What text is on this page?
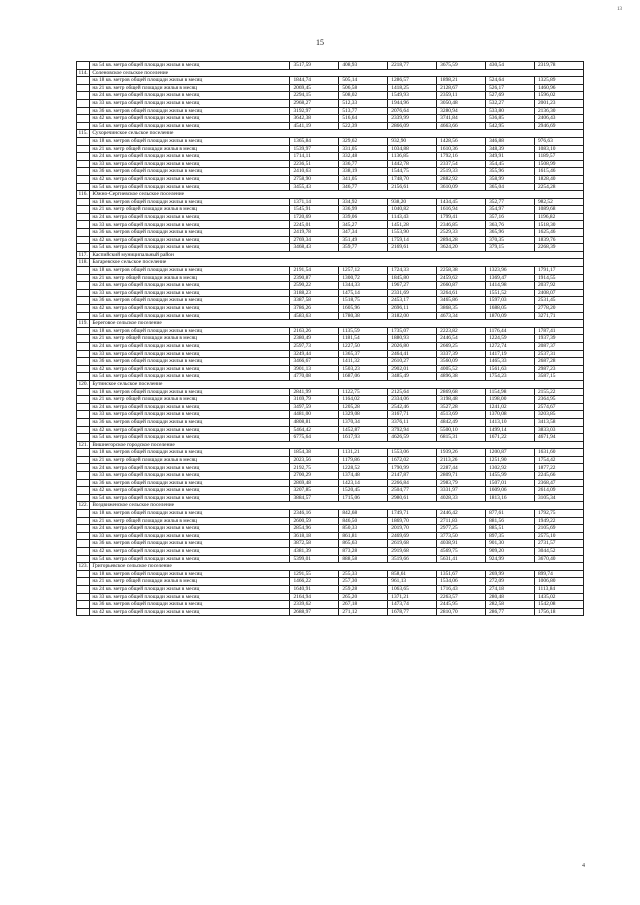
13
15
	на 54 кв. метра общей площади жилья в месяц	3517,59	408,93	2218,77	3675,59	430,54	2319,78
114.	Соленовское сельское поселение						
	на 18 кв. метров общей площади жилья в месяц	1844,74	505,14	1286,57	1898,21	524,64	1325,89
	на 21 кв. метр общей площади жилья в месяц	2069,45	506,58	1418,25	2128,67	526,17	1460,96
	на 24 кв. метра общей площади жилья в месяц	2294,15	508,02	1549,93	2359,11	527,69	1596,02
	на 33 кв. метра общей площади жилья в месяц	2968,27	512,33	1944,96	3050,48	532,27	2001,23
	на 36 кв. метров общей площади жилья в месяц	3192,97	513,77	2076,64	3280,94	533,80	2136,30
	на 42 кв. метра общей площади жилья в месяц	3642,38	516,64	2339,99	3741,84	536,85	2406,43
	на 54 кв. метра общей площади жилья в месяц	4541,19	522,39	2866,09	4663,66	542,95	2946,69
115.	Сухоречинское сельское поселение						
	на 18 кв. метров общей площади жилья в месяц	1365,84	329,62	932,90	1428,56	346,88	976,63
	на 21 кв. метр общей площади жилья в месяц	1539,97	331,05	1034,88	1610,36	348,39	1083,10
	на 24 кв. метра общей площади жилья в месяц	1714,11	332,48	1136,85	1792,16	349,91	1189,57
	на 33 кв. метра общей площади жилья в месяц	2236,51	336,77	1442,78	2337,54	354,45	1508,99
	на 36 кв. метров общей площади жилья в месяц	2410,63	338,19	1544,75	2519,33	355,96	1615,46
	на 42 кв. метра общей площади жилья в месяц	2758,90	341,05	1748,70	2882,92	358,99	1828,40
	на 54 кв. метра общей площади жилья в месяц	3455,43	346,77	2156,61	3610,09	365,04	2254,28
116.	Южно-Сергиевское сельское поселение						
	на 18 кв. метров общей площади жилья в месяц	1371,14	334,92	938,20	1434,45	352,77	982,52
	на 21 кв. метр общей площади жилья в месяц	1545,91	336,99	1040,82	1616,94	354,97	1089,68
	на 24 кв. метра общей площади жилья в месяц	1720,69	339,06	1143,43	1799,41	357,16	1196,82
	на 33 кв. метра общей площади жилья в месяц	2245,01	345,27	1451,28	2346,85	363,76	1518,30
	на 36 кв. метров общей площади жилья в месяц	2419,78	347,34	1553,90	2529,33	365,96	1625,46
	на 42 кв. метра общей площади жилья в месяц	2769,34	351,49	1759,14	2894,28	370,35	1839,76
	на 54 кв. метра общей площади жилья в месяц	3468,43	359,77	2169,61	3624,20	379,15	2268,39
117.	Каспийский муниципальный район						
118.	Багаревское сельское поселение						
	на 18 кв. метров общей площади жилья в месяц	2191,54	1257,12	1724,33	2258,38	1323,96	1791,17
	на 21 кв. метр общей площади жилья в месяц	2390,87	1300,72	1845,80	2459,62	1369,47	1914,55
	на 24 кв. метра общей площади жилья в месяц	2590,22	1344,33	1967,27	2660,87	1414,98	2037,92
	на 33 кв. метра общей площади жилья в месяц	3188,23	1475,14	2331,69	3264,61	1551,52	2408,07
	на 36 кв. метров общей площади жилья в месяц	3387,58	1518,75	2453,17	3465,86	1597,03	2531,45
	на 42 кв. метра общей площади жилья в месяц	3786,26	1605,96	2696,11	3868,35	1688,05	2778,20
	на 54 кв. метра общей площади жилья в месяц	4583,63	1780,38	3182,00	4673,34	1870,09	3271,71
119.	Береговое сельское поселение						
	на 18 кв. метров общей площади жилья в месяц	2163,26	1135,59	1735,07	2223,82	1176,44	1787,41
	на 21 кв. метр общей площади жилья в месяц	2380,49	1181,54	1880,93	2446,54	1224,59	1937,39
	на 24 кв. метра общей площади жилья в месяц	2597,73	1227,50	2026,80	2669,25	1272,74	2087,37
	на 33 кв. метра общей площади жилья в месяц	3249,44	1365,37	2464,41	3337,39	1417,19	2537,31
	на 36 кв. метров общей площади жилья в месяц	3466,67	1411,32	2610,27	3560,09	1465,33	2687,28
	на 42 кв. метра общей площади жилья в месяц	3901,13	1503,23	2902,01	4005,52	1561,63	2987,23
	на 54 кв. метра общей площади жилья в месяц	4770,08	1687,06	3485,49	4896,38	1754,23	3587,15
120.	Бутинское сельское поселение						
	на 18 кв. метров общей площади жилья в месяц	2841,99	1122,75	2125,64	2869,68	1154,98	2155,22
	на 21 кв. метр общей площади жилья в месяц	3169,79	1164,02	2334,06	3198,48	1198,00	2364,95
	на 24 кв. метра общей площади жилья в месяц	3497,59	1205,28	2542,46	3527,28	1241,02	2574,67
	на 33 кв. метра общей площади жилья в месяц	4481,00	1329,08	3167,71	4513,69	1370,08	3203,85
	на 36 кв. метров общей площади жилья в месяц	4808,81	1370,34	3376,11	4842,49	1413,10	3413,58
	на 42 кв. метра общей площади жилья в месяц	5464,42	1452,87	3792,94	5500,10	1499,14	3833,03
	на 54 кв. метра общей площади жилья в месяц	6775,64	1617,93	4626,59	6815,31	1671,22	4671,94
121.	Вишнегорское городское поселение						
	на 18 кв. метров общей площади жилья в месяц	1854,38	1131,21	1553,06	1939,26	1200,87	1631,60
	на 21 кв. метр общей площади жилья в месяц	2023,56	1179,86	1672,02	2113,26	1251,90	1754,42
	на 24 кв. метра общей площади жилья в месяц	2192,75	1228,52	1790,99	2287,44	1302,92	1877,22
	на 33 кв. метра общей площади жилья в месяц	2700,29	1374,48	2147,87	2809,71	1455,99	2245,66
	на 36 кв. метров общей площади жилья в месяц	2869,48	1423,14	2266,84	2983,79	1507,01	2368,47
	на 42 кв. метра общей площади жилья в месяц	3207,85	1520,45	2504,77	3331,97	1609,06	2614,09
	на 54 кв. метра общей площади жилья в месяц	3884,57	1715,06	2980,61	4028,33	1813,16	3105,34
122.	Воздвиженское сельское поселение						
	на 18 кв. метров общей площади жилья в месяц	2346,16	842,68	1749,71	2446,42	877,61	1792,75
	на 21 кв. метр общей площади жилья в месяц	2600,59	846,50	1869,70	2711,83	881,56	1949,22
	на 24 кв. метра общей площади жилья в месяц	2854,96	850,33	2019,70	2977,25	885,51	2105,69
	на 33 кв. метра общей площади жилья в месяц	3618,18	861,81	2469,69	3773,50	897,35	2575,10
	на 36 кв. метров общей площади жилья в месяц	3872,58	865,63	2619,68	4038,91	901,30	2731,57
	на 42 кв. метра общей площади жилья в месяц	4381,39	873,28	2919,68	4569,75	909,20	3044,52
	на 54 кв. метра общей площади жилья в месяц	5399,01	888,58	3519,66	5631,41	924,99	3670,40
123.	Григорьевское сельское поселение						
	на 18 кв. метров общей площади жилья в месяц	1291,55	255,33	858,61	1351,67	269,99	899,74
	на 21 кв. метр общей площади жилья в месяц	1466,22	257,30	961,13	1534,06	272,09	1006,80
	на 24 кв. метра общей площади жилья в месяц	1640,91	259,28	1063,65	1716,43	274,18	1113,84
	на 33 кв. метра общей площади жилья в месяц	2164,94	265,20	1371,21	2263,57	280,48	1435,02
	на 36 кв. метров общей площади жилья в месяц	2339,62	267,18	1473,74	2445,95	282,58	1542,08
	на 42 кв. метра общей площади жилья в месяц	2688,97	271,12	1678,77	2810,70	286,77	1756,18
4
